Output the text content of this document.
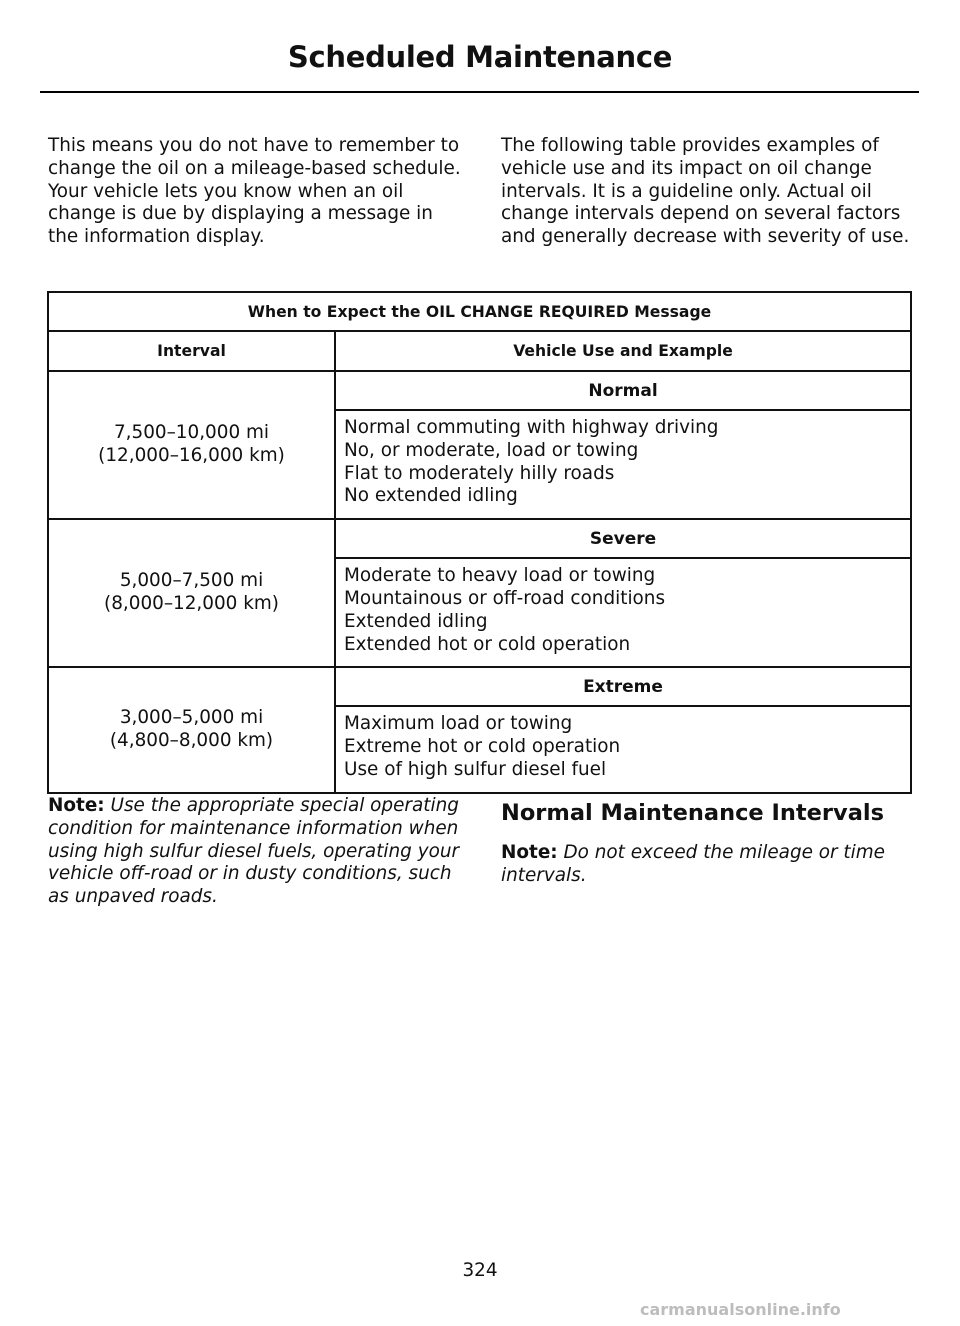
Scheduled Maintenance

This means you do not have to remember to change the oil on a mileage-based schedule. Your vehicle lets you know when an oil change is due by displaying a message in the information display.

The following table provides examples of vehicle use and its impact on oil change intervals. It is a guideline only. Actual oil change intervals depend on several factors and generally decrease with severity of use.

When to Expect the OIL CHANGE REQUIRED Message	
Interval	Vehicle Use and Example
7,500–10,000 mi
(12,000–16,000 km)	Normal

	Normal commuting with highway driving
No, or moderate, load or towing
Flat to moderately hilly roads
No extended idling

5,000–7,500 mi
(8,000–12,000 km)	Severe

	Moderate to heavy load or towing
Mountainous or off-road conditions
Extended idling
Extended hot or cold operation

3,000–5,000 mi
(4,800–8,000 km)	Extreme

	Maximum load or towing
Extreme hot or cold operation
Use of high sulfur diesel fuel

Note: Use the appropriate special operating condition for maintenance information when using high sulfur diesel fuels, operating your vehicle off-road or in dusty conditions, such as unpaved roads.

Normal Maintenance Intervals

Note: Do not exceed the mileage or time intervals.

324
carmanualsonline.info
